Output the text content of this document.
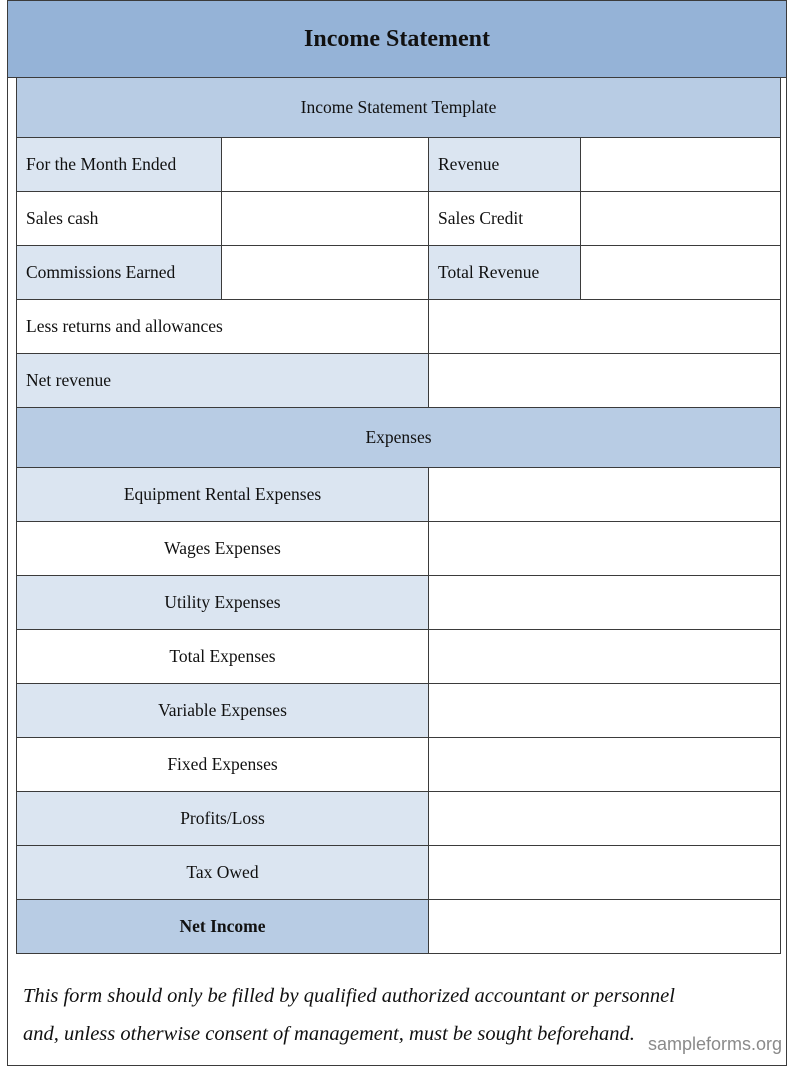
Income Statement
Income Statement Template			
For the Month Ended		Revenue	
Sales cash		Sales Credit	
Commissions Earned		Total Revenue	
Less returns and allowances			
Net revenue			
Expenses			
Equipment Rental Expenses			
Wages Expenses			
Utility Expenses			
Total Expenses			
Variable Expenses			
Fixed Expenses			
Profits/Loss			
Tax Owed			
Net Income			
This form should only be filled by qualified authorized accountant or personnel
and, unless otherwise consent of management, must be sought beforehand. sampleforms.org
